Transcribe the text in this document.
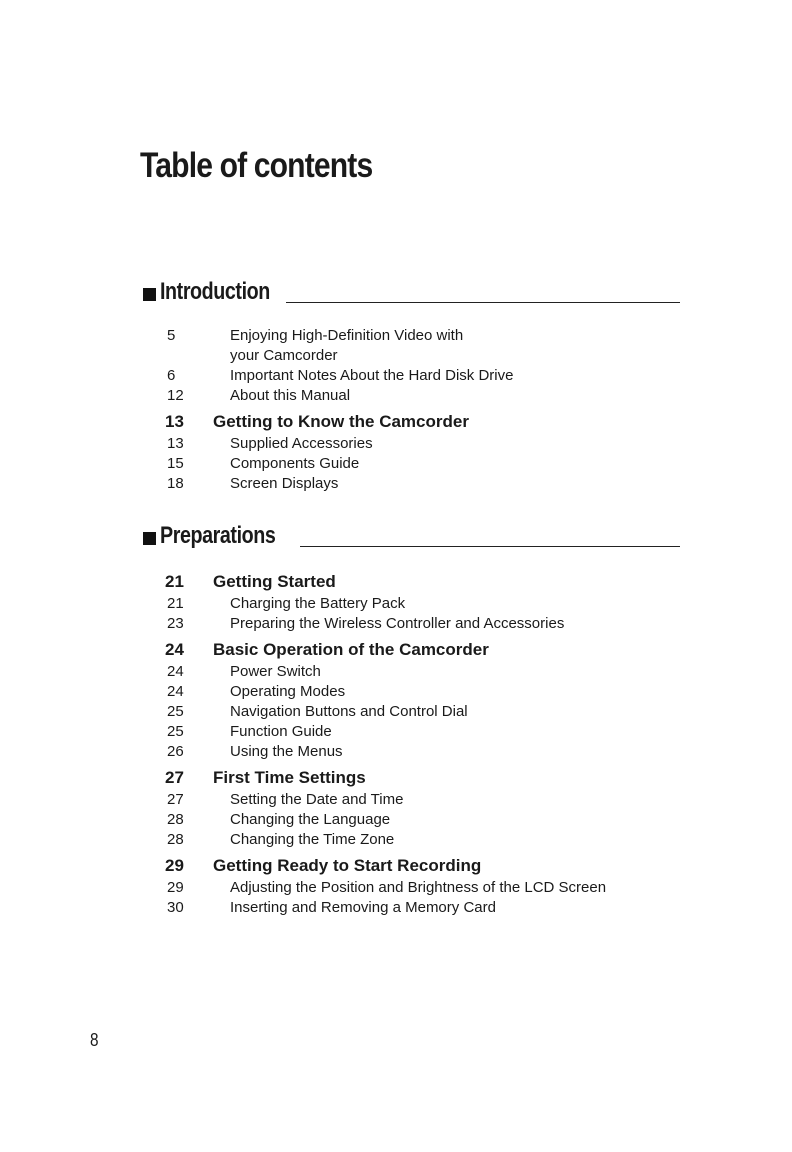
Table of contents
Introduction
5	Enjoying High-Definition Video with
your Camcorder
6	Important Notes About the Hard Disk Drive
12	About this Manual
13 Getting to Know the Camcorder
13	Supplied Accessories
15	Components Guide
18	Screen Displays
Preparations
21 Getting Started
21	Charging the Battery Pack
23	Preparing the Wireless Controller and Accessories
24 Basic Operation of the Camcorder
24	Power Switch
24	Operating Modes
25	Navigation Buttons and Control Dial
25	Function Guide
26	Using the Menus
27 First Time Settings
27	Setting the Date and Time
28	Changing the Language
28	Changing the Time Zone
29 Getting Ready to Start Recording
29	Adjusting the Position and Brightness of the LCD Screen
30	Inserting and Removing a Memory Card
8
